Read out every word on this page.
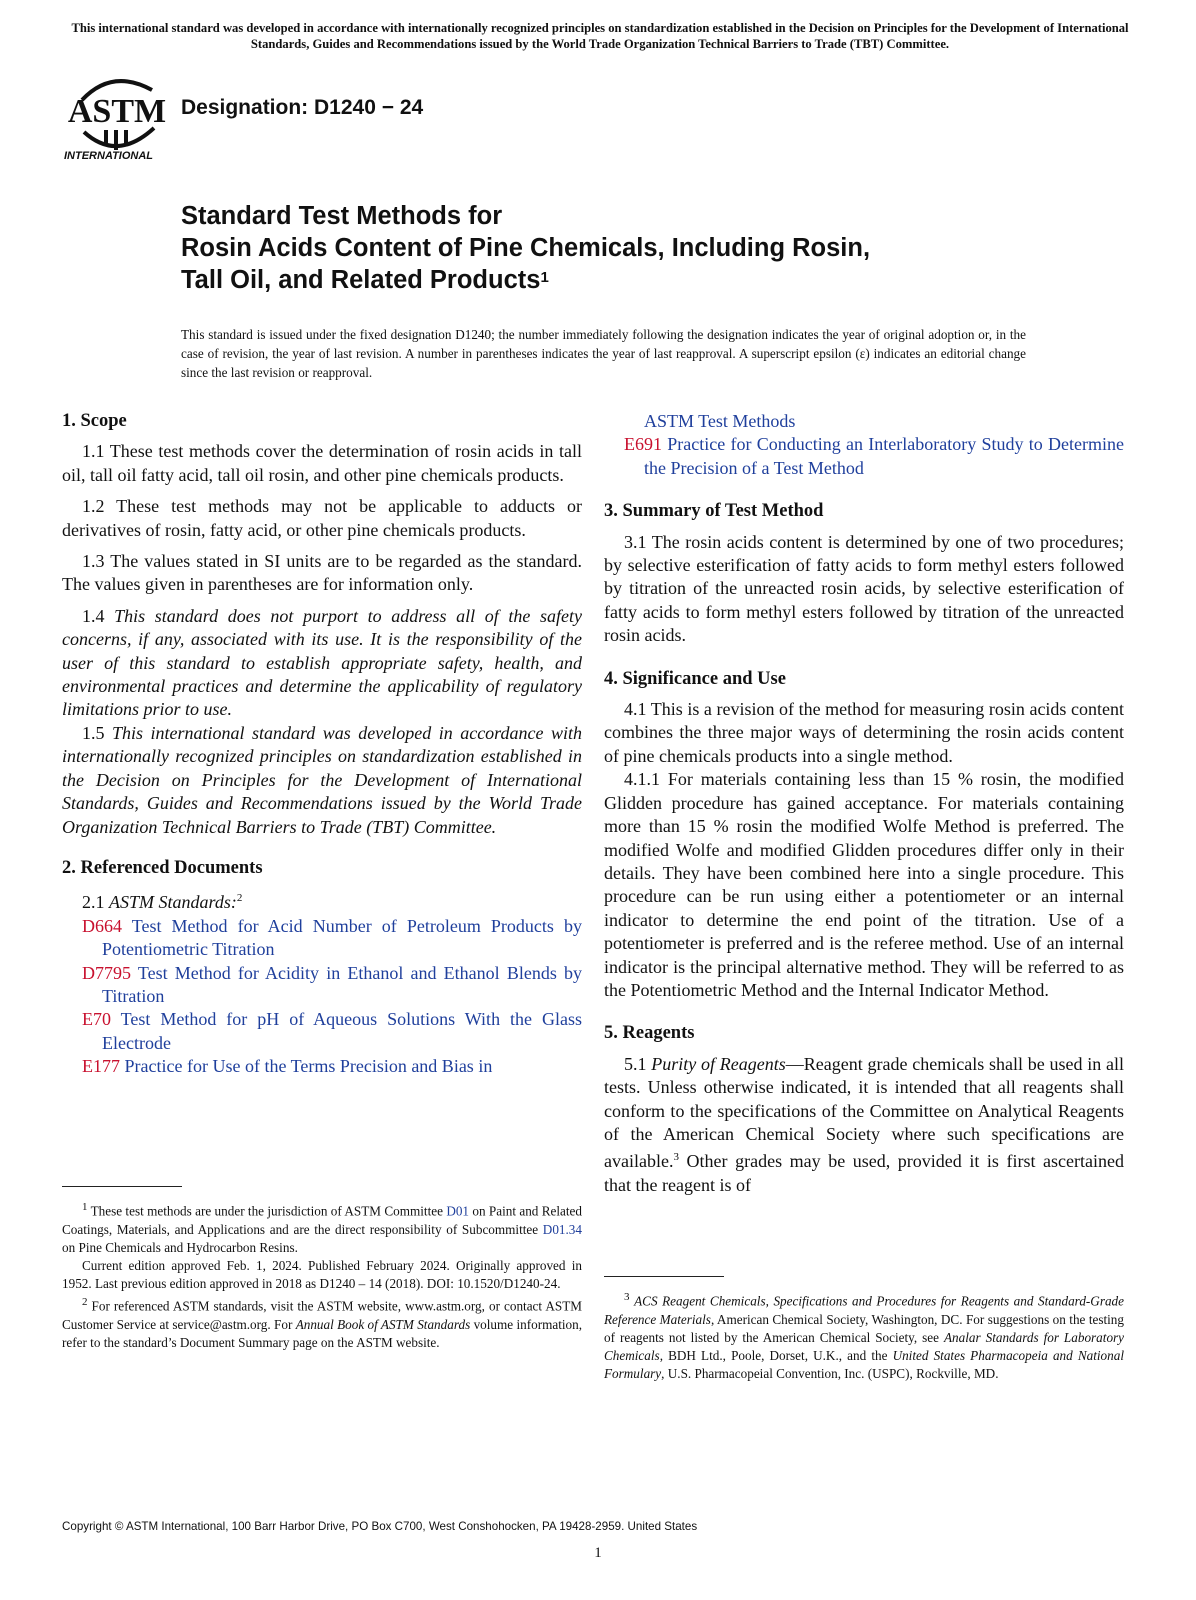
This international standard was developed in accordance with internationally recognized principles on standardization established in the Decision on Principles for the Development of International Standards, Guides and Recommendations issued by the World Trade Organization Technical Barriers to Trade (TBT) Committee.
ASTM
INTERNATIONAL
Designation: D1240 − 24
Standard Test Methods for
Rosin Acids Content of Pine Chemicals, Including Rosin,
Tall Oil, and Related Products$^1$
This standard is issued under the fixed designation D1240; the number immediately following the designation indicates the year of original adoption or, in the case of revision, the year of last revision. A number in parentheses indicates the year of last reapproval. A superscript epsilon (ε) indicates an editorial change since the last revision or reapproval.

1. Scope

1.1 These test methods cover the determination of rosin acids in tall oil, tall oil fatty acid, tall oil rosin, and other pine chemicals products.

1.2 These test methods may not be applicable to adducts or derivatives of rosin, fatty acid, or other pine chemicals products.

1.3 The values stated in SI units are to be regarded as the standard. The values given in parentheses are for information only.

1.4 This standard does not purport to address all of the safety concerns, if any, associated with its use. It is the responsibility of the user of this standard to establish appropriate safety, health, and environmental practices and determine the applicability of regulatory limitations prior to use.

1.5 This international standard was developed in accordance with internationally recognized principles on standardization established in the Decision on Principles for the Development of International Standards, Guides and Recommendations issued by the World Trade Organization Technical Barriers to Trade (TBT) Committee.

2. Referenced Documents

2.1 ASTM Standards:$^2$

D664 Test Method for Acid Number of Petroleum Products by Potentiometric Titration

D7795 Test Method for Acidity in Ethanol and Ethanol Blends by Titration

E70 Test Method for pH of Aqueous Solutions With the Glass Electrode

E177 Practice for Use of the Terms Precision and Bias in

$^1$ These test methods are under the jurisdiction of ASTM Committee D01 on Paint and Related Coatings, Materials, and Applications and are the direct responsibility of Subcommittee D01.34 on Pine Chemicals and Hydrocarbon Resins.

Current edition approved Feb. 1, 2024. Published February 2024. Originally approved in 1952. Last previous edition approved in 2018 as D1240 – 14 (2018). DOI: 10.1520/D1240-24.

$^2$ For referenced ASTM standards, visit the ASTM website, www.astm.org, or contact ASTM Customer Service at service@astm.org. For Annual Book of ASTM Standards volume information, refer to the standard’s Document Summary page on the ASTM website.

ASTM Test Methods

E691 Practice for Conducting an Interlaboratory Study to Determine the Precision of a Test Method

3. Summary of Test Method

3.1 The rosin acids content is determined by one of two procedures; by selective esterification of fatty acids to form methyl esters followed by titration of the unreacted rosin acids, by selective esterification of fatty acids to form methyl esters followed by titration of the unreacted rosin acids.

4. Significance and Use

4.1 This is a revision of the method for measuring rosin acids content combines the three major ways of determining the rosin acids content of pine chemicals products into a single method.

4.1.1 For materials containing less than 15 % rosin, the modified Glidden procedure has gained acceptance. For materials containing more than 15 % rosin the modified Wolfe Method is preferred. The modified Wolfe and modified Glidden procedures differ only in their details. They have been combined here into a single procedure. This procedure can be run using either a potentiometer or an internal indicator to determine the end point of the titration. Use of a potentiometer is preferred and is the referee method. Use of an internal indicator is the principal alternative method. They will be referred to as the Potentiometric Method and the Internal Indicator Method.

5. Reagents

5.1 Purity of Reagents—Reagent grade chemicals shall be used in all tests. Unless otherwise indicated, it is intended that all reagents shall conform to the specifications of the Committee on Analytical Reagents of the American Chemical Society where such specifications are available.$^3$ Other grades may be used, provided it is first ascertained that the reagent is of

$^3$ ACS Reagent Chemicals, Specifications and Procedures for Reagents and Standard-Grade Reference Materials, American Chemical Society, Washington, DC. For suggestions on the testing of reagents not listed by the American Chemical Society, see Analar Standards for Laboratory Chemicals, BDH Ltd., Poole, Dorset, U.K., and the United States Pharmacopeia and National Formulary, U.S. Pharmacopeial Convention, Inc. (USPC), Rockville, MD.

Copyright © ASTM International, 100 Barr Harbor Drive, PO Box C700, West Conshohocken, PA 19428-2959. United States
1
